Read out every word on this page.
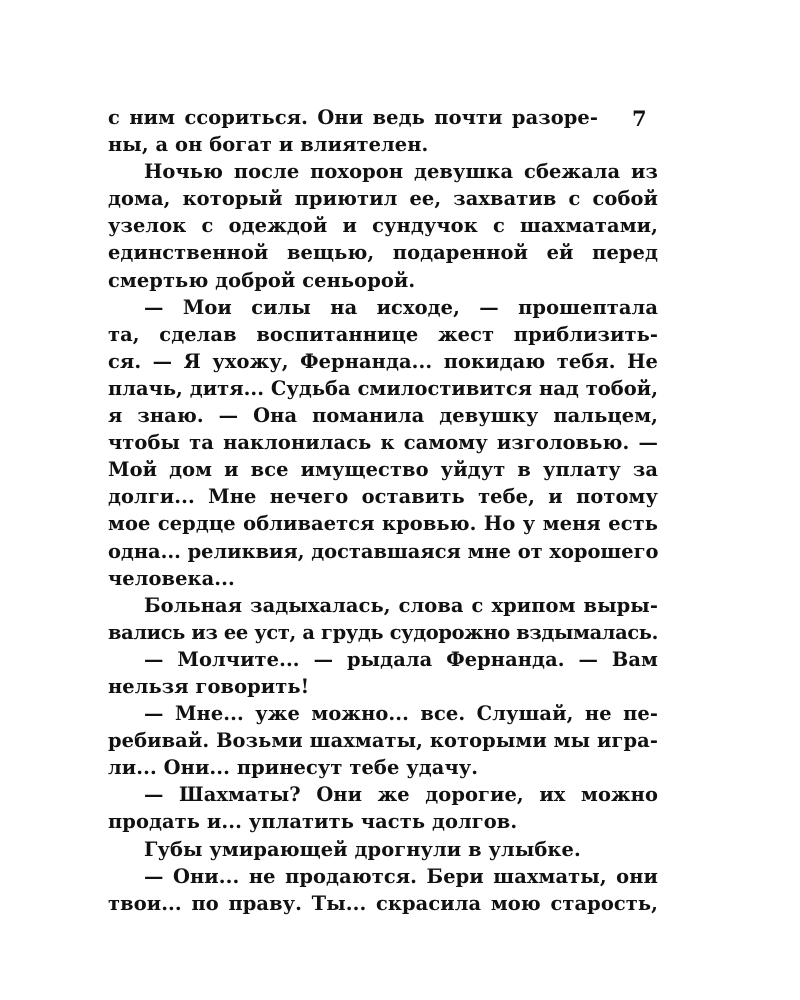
7
с ним ссориться. Они ведь почти разоре-
ны, а он богат и влиятелен.
Ночью после похорон девушка сбежала из
дома, который приютил ее, захватив с собой
узелок с одеждой и сундучок с шахматами,
единственной вещью, подаренной ей перед
смертью доброй сеньорой.
— Мои силы на исходе, — прошептала
та, сделав воспитаннице жест приблизить-
ся. — Я ухожу, Фернанда... покидаю тебя. Не
плачь, дитя... Судьба смилостивится над тобой,
я знаю. — Она поманила девушку пальцем,
чтобы та наклонилась к самому изголовью. —
Мой дом и все имущество уйдут в уплату за
долги... Мне нечего оставить тебе, и потому
мое сердце обливается кровью. Но у меня есть
одна... реликвия, доставшаяся мне от хорошего
человека...
Больная задыхалась, слова с хрипом выры-
вались из ее уст, а грудь судорожно вздымалась.
— Молчите... — рыдала Фернанда. — Вам
нельзя говорить!
— Мне... уже можно... все. Слушай, не пе-
ребивай. Возьми шахматы, которыми мы игра-
ли... Они... принесут тебе удачу.
— Шахматы? Они же дорогие, их можно
продать и... уплатить часть долгов.
Губы умирающей дрогнули в улыбке.
— Они... не продаются. Бери шахматы, они
твои... по праву. Ты... скрасила мою старость,
